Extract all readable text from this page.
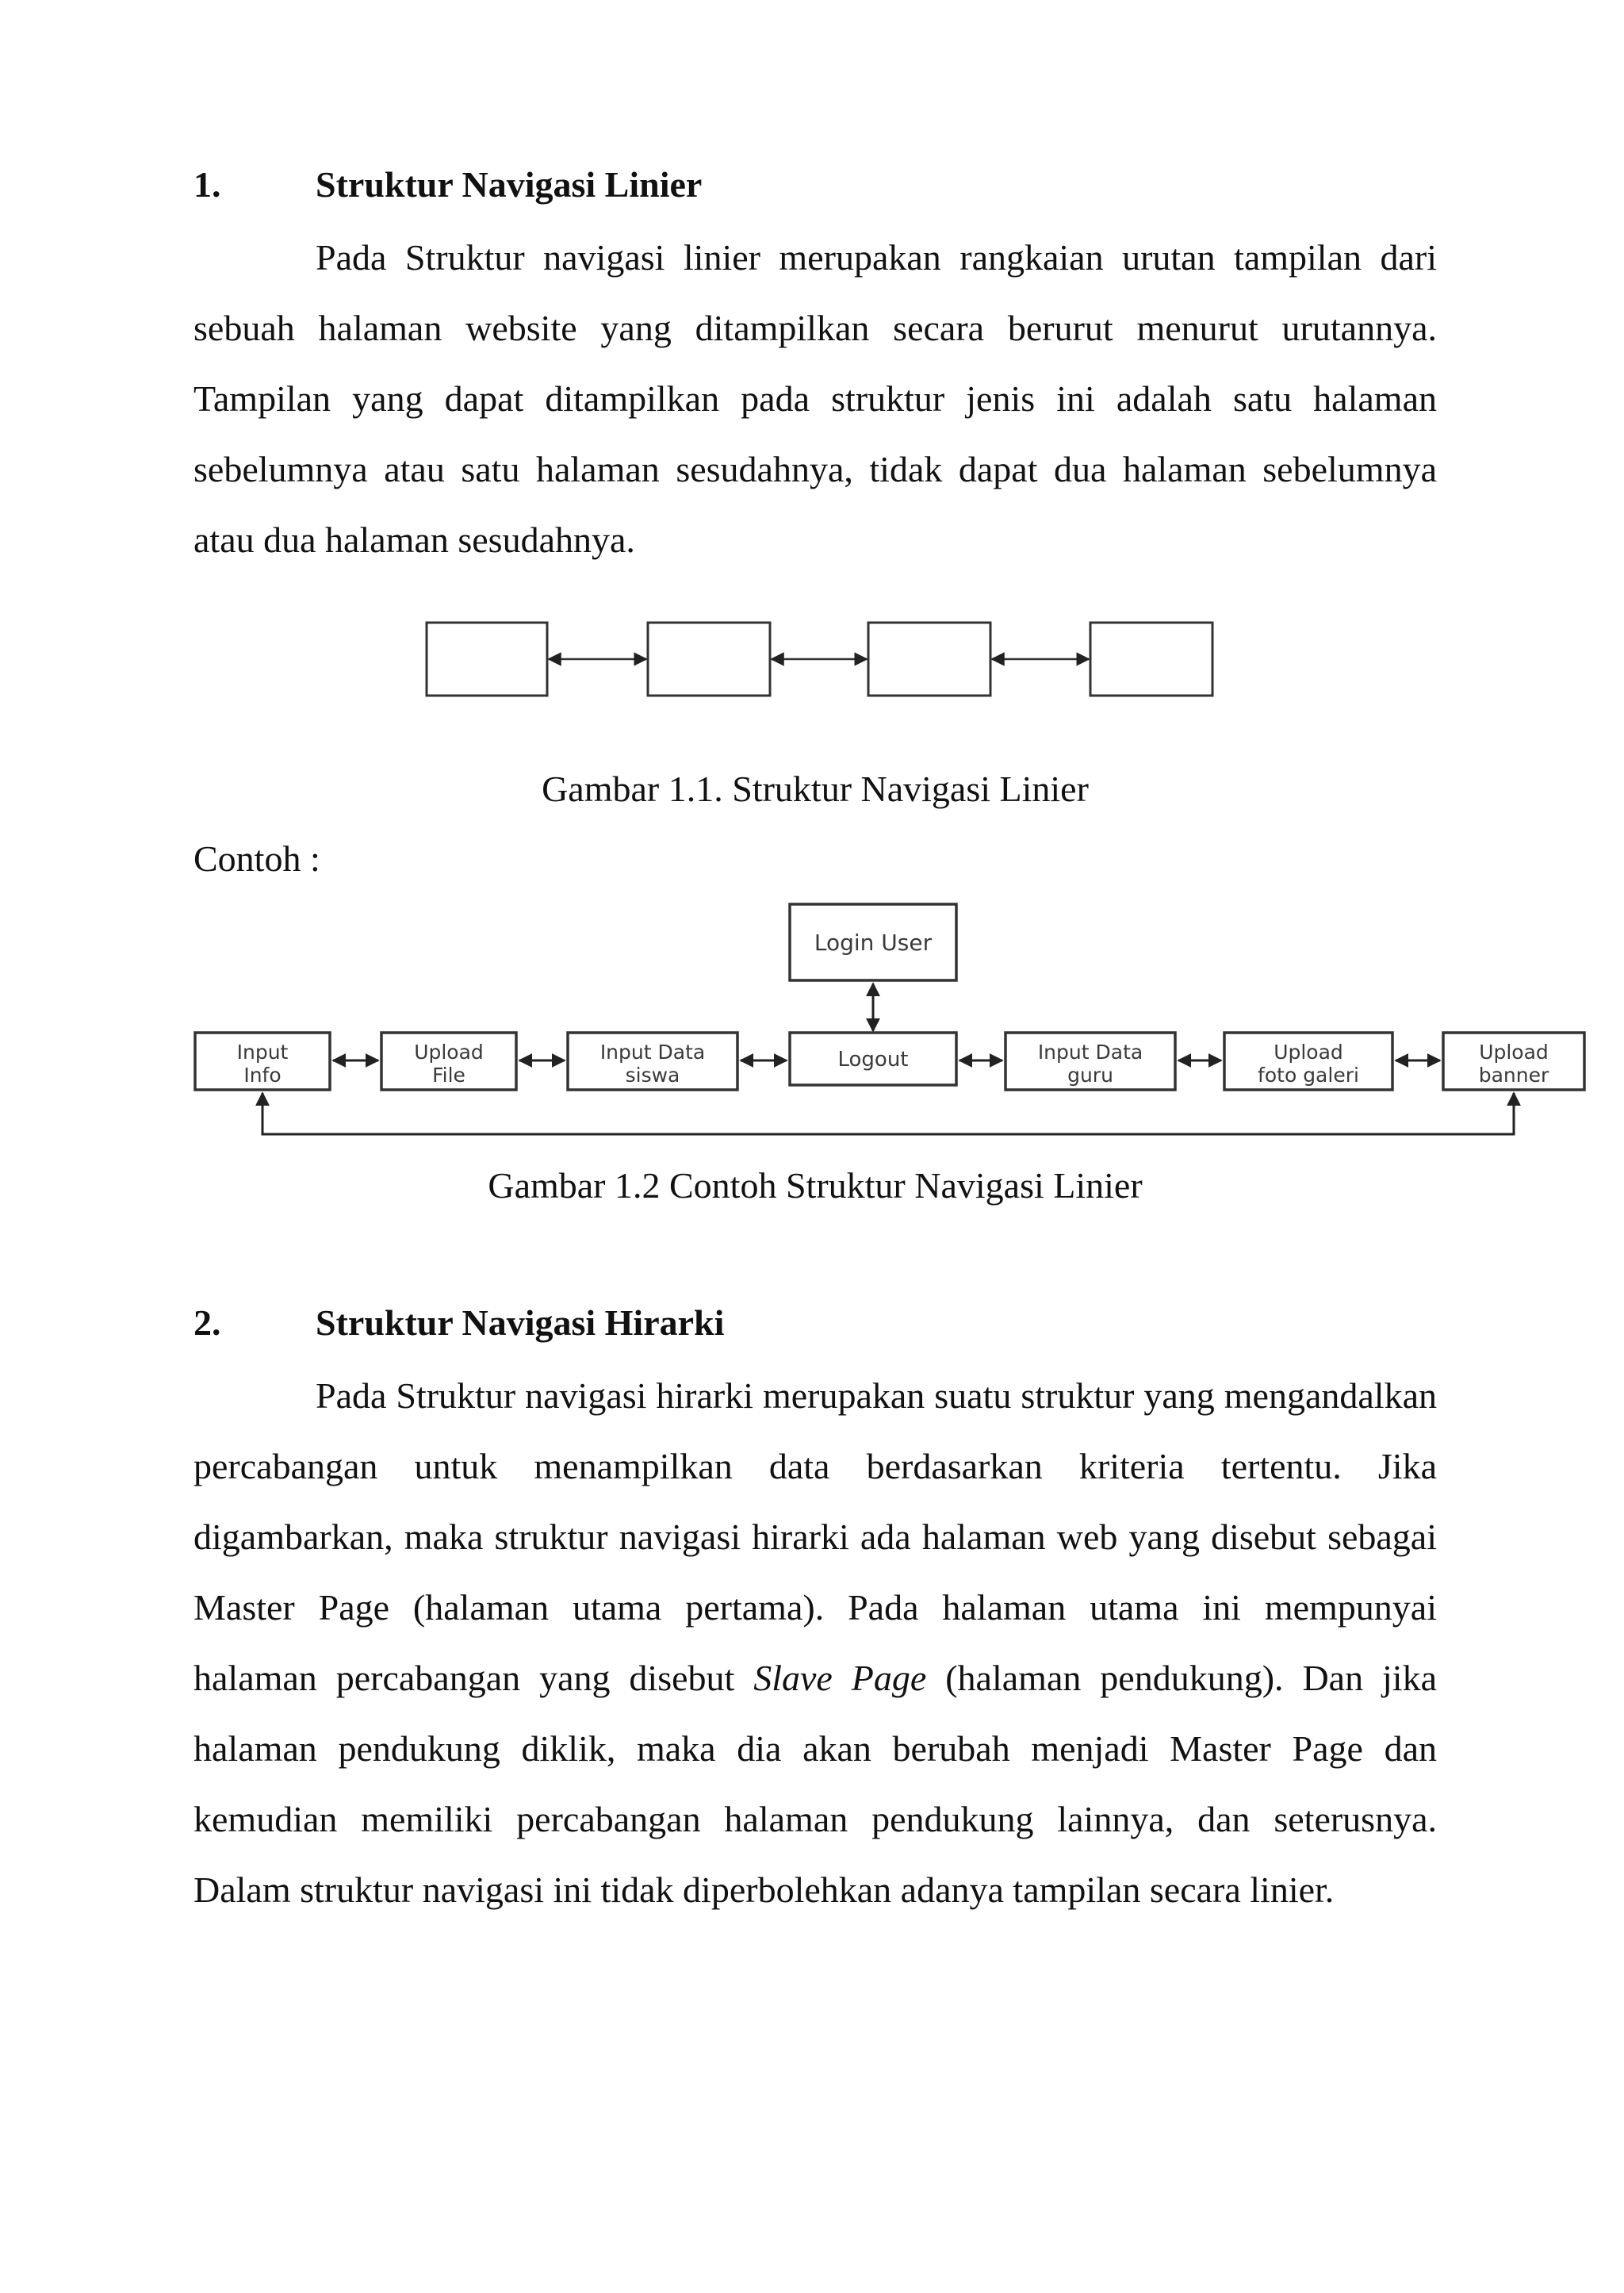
1.	Struktur Navigasi Linier
Pada Struktur navigasi linier merupakan rangkaian urutan tampilan dari sebuah halaman website yang ditampilkan secara berurut menurut urutannya. Tampilan yang dapat ditampilkan pada struktur jenis ini adalah satu halaman sebelumnya atau satu halaman sesudahnya, tidak dapat dua halaman sebelumnya atau dua halaman sesudahnya.
Gambar 1.1. Struktur Navigasi Linier
Contoh :
Login User
Input
Info
Upload
File
Input Data
siswa
Logout	Input Data
guru
Upload
foto galeri
Upload
banner
Gambar 1.2 Contoh Struktur Navigasi Linier
2.	Struktur Navigasi Hirarki
Pada Struktur navigasi hirarki merupakan suatu struktur yang mengandalkan percabangan untuk menampilkan data berdasarkan kriteria tertentu. Jika digambarkan, maka struktur navigasi hirarki ada halaman web yang disebut sebagai Master Page (halaman utama pertama). Pada halaman utama ini mempunyai halaman percabangan yang disebut Slave Page (halaman pendukung). Dan jika halaman pendukung diklik, maka dia akan berubah menjadi Master Page dan kemudian memiliki percabangan halaman pendukung lainnya, dan seterusnya. Dalam struktur navigasi ini tidak diperbolehkan adanya tampilan secara linier.
